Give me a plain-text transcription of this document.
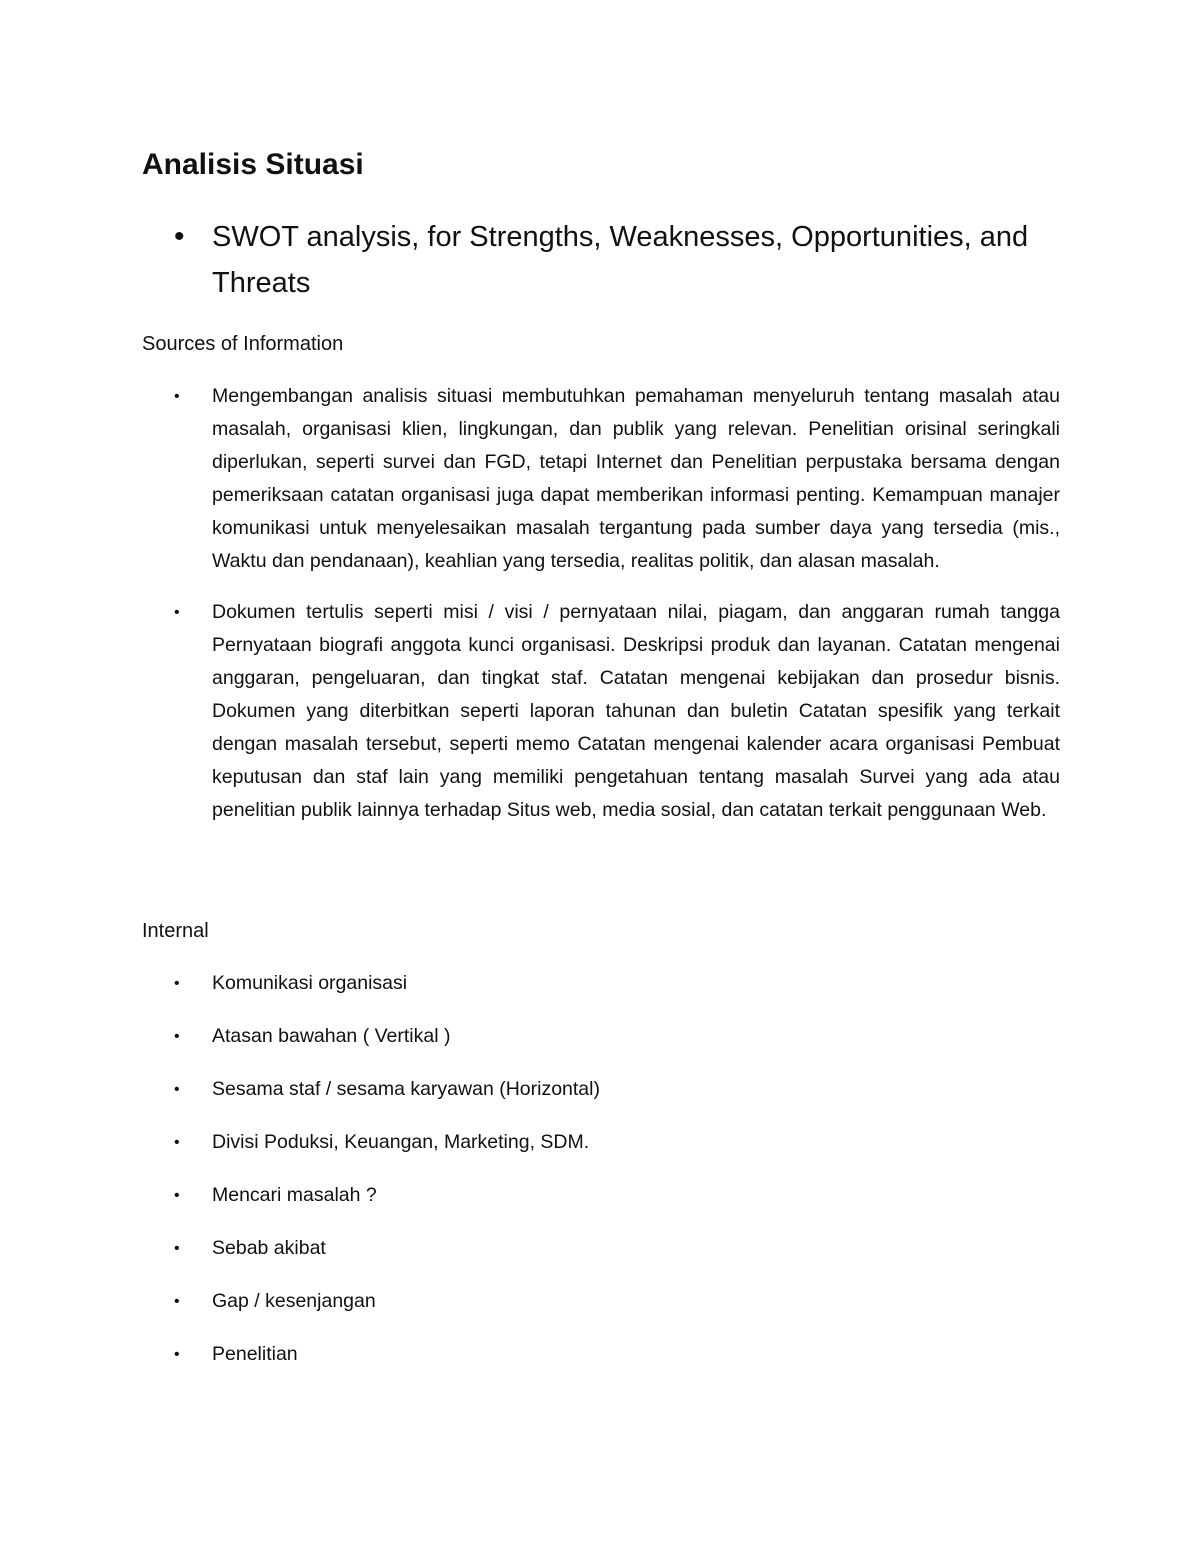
Analisis Situasi
• SWOT analysis, for Strengths, Weaknesses, Opportunities, and Threats
Sources of Information
• Mengembangan analisis situasi membutuhkan pemahaman menyeluruh tentang masalah atau masalah, organisasi klien, lingkungan, dan publik yang relevan. Penelitian orisinal seringkali diperlukan, seperti survei dan FGD, tetapi Internet dan Penelitian perpustaka bersama dengan pemeriksaan catatan organisasi juga dapat memberikan informasi penting. Kemampuan manajer komunikasi untuk menyelesaikan masalah tergantung pada sumber daya yang tersedia (mis., Waktu dan pendanaan), keahlian yang tersedia, realitas politik, dan alasan masalah.
• Dokumen tertulis seperti misi / visi / pernyataan nilai, piagam, dan anggaran rumah tangga Pernyataan biografi anggota kunci organisasi. Deskripsi produk dan layanan. Catatan mengenai anggaran, pengeluaran, dan tingkat staf. Catatan mengenai kebijakan dan prosedur bisnis. Dokumen yang diterbitkan seperti laporan tahunan dan buletin Catatan spesifik yang terkait dengan masalah tersebut, seperti memo Catatan mengenai kalender acara organisasi Pembuat keputusan dan staf lain yang memiliki pengetahuan tentang masalah Survei yang ada atau penelitian publik lainnya terhadap Situs web, media sosial, dan catatan terkait penggunaan Web.
Internal
• Komunikasi organisasi
• Atasan bawahan ( Vertikal )
• Sesama staf / sesama karyawan (Horizontal)
• Divisi Poduksi, Keuangan, Marketing, SDM.
• Mencari masalah ?
• Sebab akibat
• Gap / kesenjangan
• Penelitian
